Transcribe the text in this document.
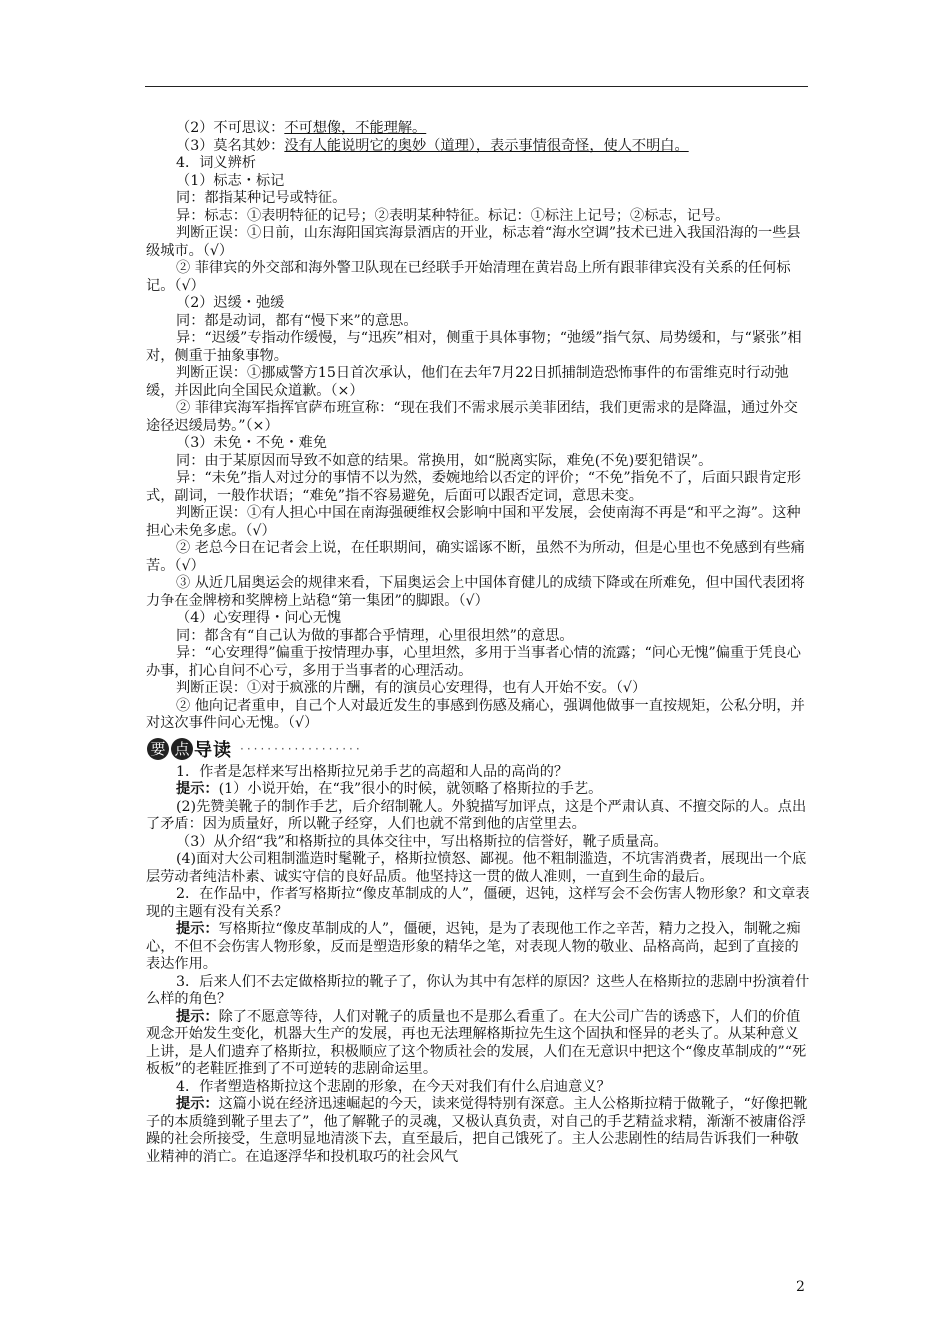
（2）不可思议：不可想像，不能理解。

（3）莫名其妙：没有人能说明它的奥妙（道理），表示事情很奇怪，使人不明白。

4．词义辨析

（1）标志・标记

同：都指某种记号或特征。

异：标志：①表明特征的记号；②表明某种特征。标记：①标注上记号；②标志，记号。

判断正误：①日前，山东海阳国宾海景酒店的开业，标志着“海水空调”技术已进入我国沿海的一些县级城市。（√）

② 菲律宾的外交部和海外警卫队现在已经联手开始清理在黄岩岛上所有跟菲律宾没有关系的任何标记。（√）

（2）迟缓・弛缓

同：都是动词，都有“慢下来”的意思。

异：“迟缓”专指动作缓慢，与“迅疾”相对，侧重于具体事物；“弛缓”指气氛、局势缓和，与“紧张”相对，侧重于抽象事物。

判断正误：①挪威警方15日首次承认，他们在去年7月22日抓捕制造恐怖事件的布雷维克时行动弛缓，并因此向全国民众道歉。（×）

② 菲律宾海军指挥官萨布班宣称：“现在我们不需求展示美菲团结，我们更需求的是降温，通过外交途径迟缓局势。”（×）

（3）未免・不免・难免

同：由于某原因而导致不如意的结果。常换用，如“脱离实际，难免(不免)要犯错误”。

异：“未免”指人对过分的事情不以为然，委婉地给以否定的评价；“不免”指免不了，后面只跟肯定形式，副词，一般作状语；“难免”指不容易避免，后面可以跟否定词，意思未变。

判断正误：①有人担心中国在南海强硬维权会影响中国和平发展，会使南海不再是“和平之海”。这种担心未免多虑。（√）

② 老总今日在记者会上说，在任职期间，确实谣诼不断，虽然不为所动，但是心里也不免感到有些痛苦。（√）

③ 从近几届奥运会的规律来看，下届奥运会上中国体育健儿的成绩下降或在所难免，但中国代表团将力争在金牌榜和奖牌榜上站稳“第一集团”的脚跟。（√）

（4）心安理得・问心无愧

同：都含有“自己认为做的事都合乎情理，心里很坦然”的意思。

异：“心安理得”偏重于按情理办事，心里坦然，多用于当事者心情的流露；“问心无愧”偏重于凭良心办事，扪心自问不心亏，多用于当事者的心理活动。

判断正误：①对于疯涨的片酬，有的演员心安理得，也有人开始不安。（√）

② 他向记者重申，自己个人对最近发生的事感到伤感及痛心，强调他做事一直按规矩，公私分明，并对这次事件问心无愧。（√）

要 点 导读 ··················

1．作者是怎样来写出格斯拉兄弟手艺的高超和人品的高尚的？

提示：(1）小说开始，在“我”很小的时候，就领略了格斯拉的手艺。

(2)先赞美靴子的制作手艺，后介绍制靴人。外貌描写加评点，这是个严肃认真、不擅交际的人。点出了矛盾：因为质量好，所以靴子经穿，人们也就不常到他的店堂里去。

（3）从介绍“我”和格斯拉的具体交往中，写出格斯拉的信誉好，靴子质量高。

(4)面对大公司粗制滥造时髦靴子，格斯拉愤怒、鄙视。他不粗制滥造，不坑害消费者，展现出一个底层劳动者纯洁朴素、诚实守信的良好品质。他坚持这一贯的做人准则，一直到生命的最后。

2．在作品中，作者写格斯拉“像皮革制成的人”，僵硬，迟钝，这样写会不会伤害人物形象？和文章表现的主题有没有关系？

提示：写格斯拉“像皮革制成的人”，僵硬，迟钝，是为了表现他工作之辛苦，精力之投入，制靴之痴心，不但不会伤害人物形象，反而是塑造形象的精华之笔，对表现人物的敬业、品格高尚，起到了直接的表达作用。

3．后来人们不去定做格斯拉的靴子了，你认为其中有怎样的原因？这些人在格斯拉的悲剧中扮演着什么样的角色？

提示：除了不愿意等待，人们对靴子的质量也不是那么看重了。在大公司广告的诱惑下，人们的价值观念开始发生变化，机器大生产的发展，再也无法理解格斯拉先生这个固执和怪异的老头了。从某种意义上讲，是人们遗弃了格斯拉，积极顺应了这个物质社会的发展，人们在无意识中把这个“像皮革制成的”“死板板”的老鞋匠推到了不可逆转的悲剧命运里。

4．作者塑造格斯拉这个悲剧的形象，在今天对我们有什么启迪意义？

提示：这篇小说在经济迅速崛起的今天，读来觉得特别有深意。主人公格斯拉精于做靴子，“好像把靴子的本质缝到靴子里去了”，他了解靴子的灵魂，又极认真负责，对自己的手艺精益求精，渐渐不被庸俗浮躁的社会所接受，生意明显地清淡下去，直至最后，把自己饿死了。主人公悲剧性的结局告诉我们一种敬业精神的消亡。在追逐浮华和投机取巧的社会风气

2
